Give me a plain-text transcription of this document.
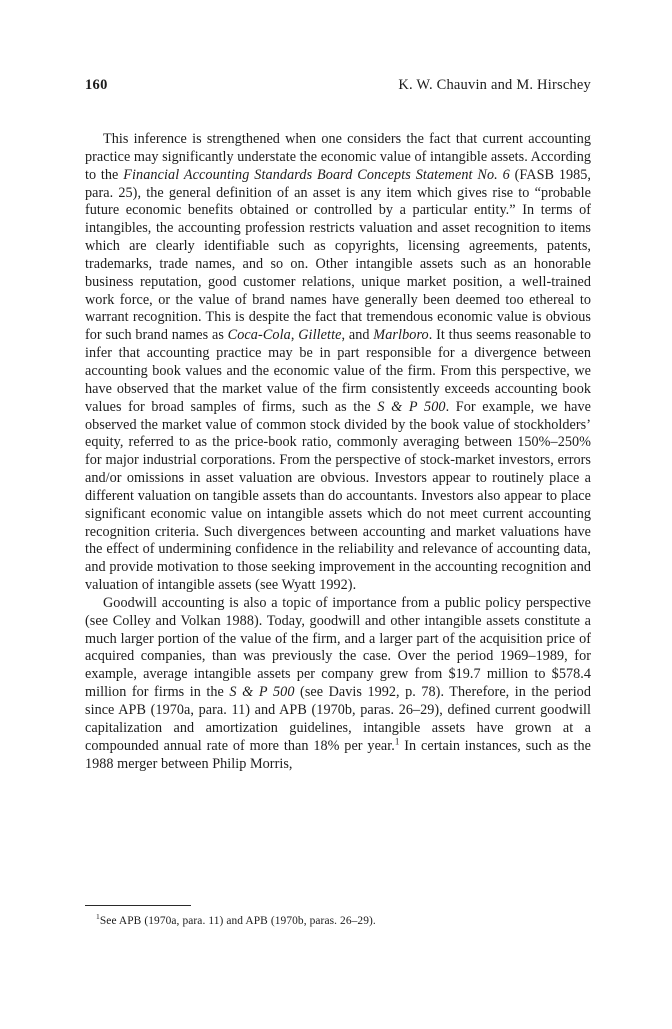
160	K. W. Chauvin and M. Hirschey

This inference is strengthened when one considers the fact that current accounting practice may significantly understate the economic value of intangible assets. According to the Financial Accounting Standards Board Concepts Statement No. 6 (FASB 1985, para. 25), the general definition of an asset is any item which gives rise to “probable future economic benefits obtained or controlled by a particular entity.” In terms of intangibles, the accounting profession restricts valuation and asset recognition to items which are clearly identifiable such as copyrights, licensing agreements, patents, trademarks, trade names, and so on. Other intangible assets such as an honorable business reputation, good customer relations, unique market position, a well-trained work force, or the value of brand names have generally been deemed too ethereal to warrant recognition. This is despite the fact that tremendous economic value is obvious for such brand names as Coca-Cola, Gillette, and Marlboro. It thus seems reasonable to infer that accounting practice may be in part responsible for a divergence between accounting book values and the economic value of the firm. From this perspective, we have observed that the market value of the firm consistently exceeds accounting book values for broad samples of firms, such as the S & P 500. For example, we have observed the market value of common stock divided by the book value of stockholders’ equity, referred to as the price-book ratio, commonly averaging between 150%–250% for major industrial corporations. From the perspective of stock-market investors, errors and/or omissions in asset valuation are obvious. Investors appear to routinely place a different valuation on tangible assets than do accountants. Investors also appear to place significant economic value on intangible assets which do not meet current accounting recognition criteria. Such divergences between accounting and market valuations have the effect of undermining confidence in the reliability and relevance of accounting data, and provide motivation to those seeking improvement in the accounting recognition and valuation of intangible assets (see Wyatt 1992).

Goodwill accounting is also a topic of importance from a public policy perspective (see Colley and Volkan 1988). Today, goodwill and other intangible assets constitute a much larger portion of the value of the firm, and a larger part of the acquisition price of acquired companies, than was previously the case. Over the period 1969–1989, for example, average intangible assets per company grew from $19.7 million to $578.4 million for firms in the S & P 500 (see Davis 1992, p. 78). Therefore, in the period since APB (1970a, para. 11) and APB (1970b, paras. 26–29), defined current goodwill capitalization and amortization guidelines, intangible assets have grown at a compounded annual rate of more than 18% per year.$^1$ In certain instances, such as the 1988 merger between Philip Morris,

$^1$See APB (1970a, para. 11) and APB (1970b, paras. 26–29).
